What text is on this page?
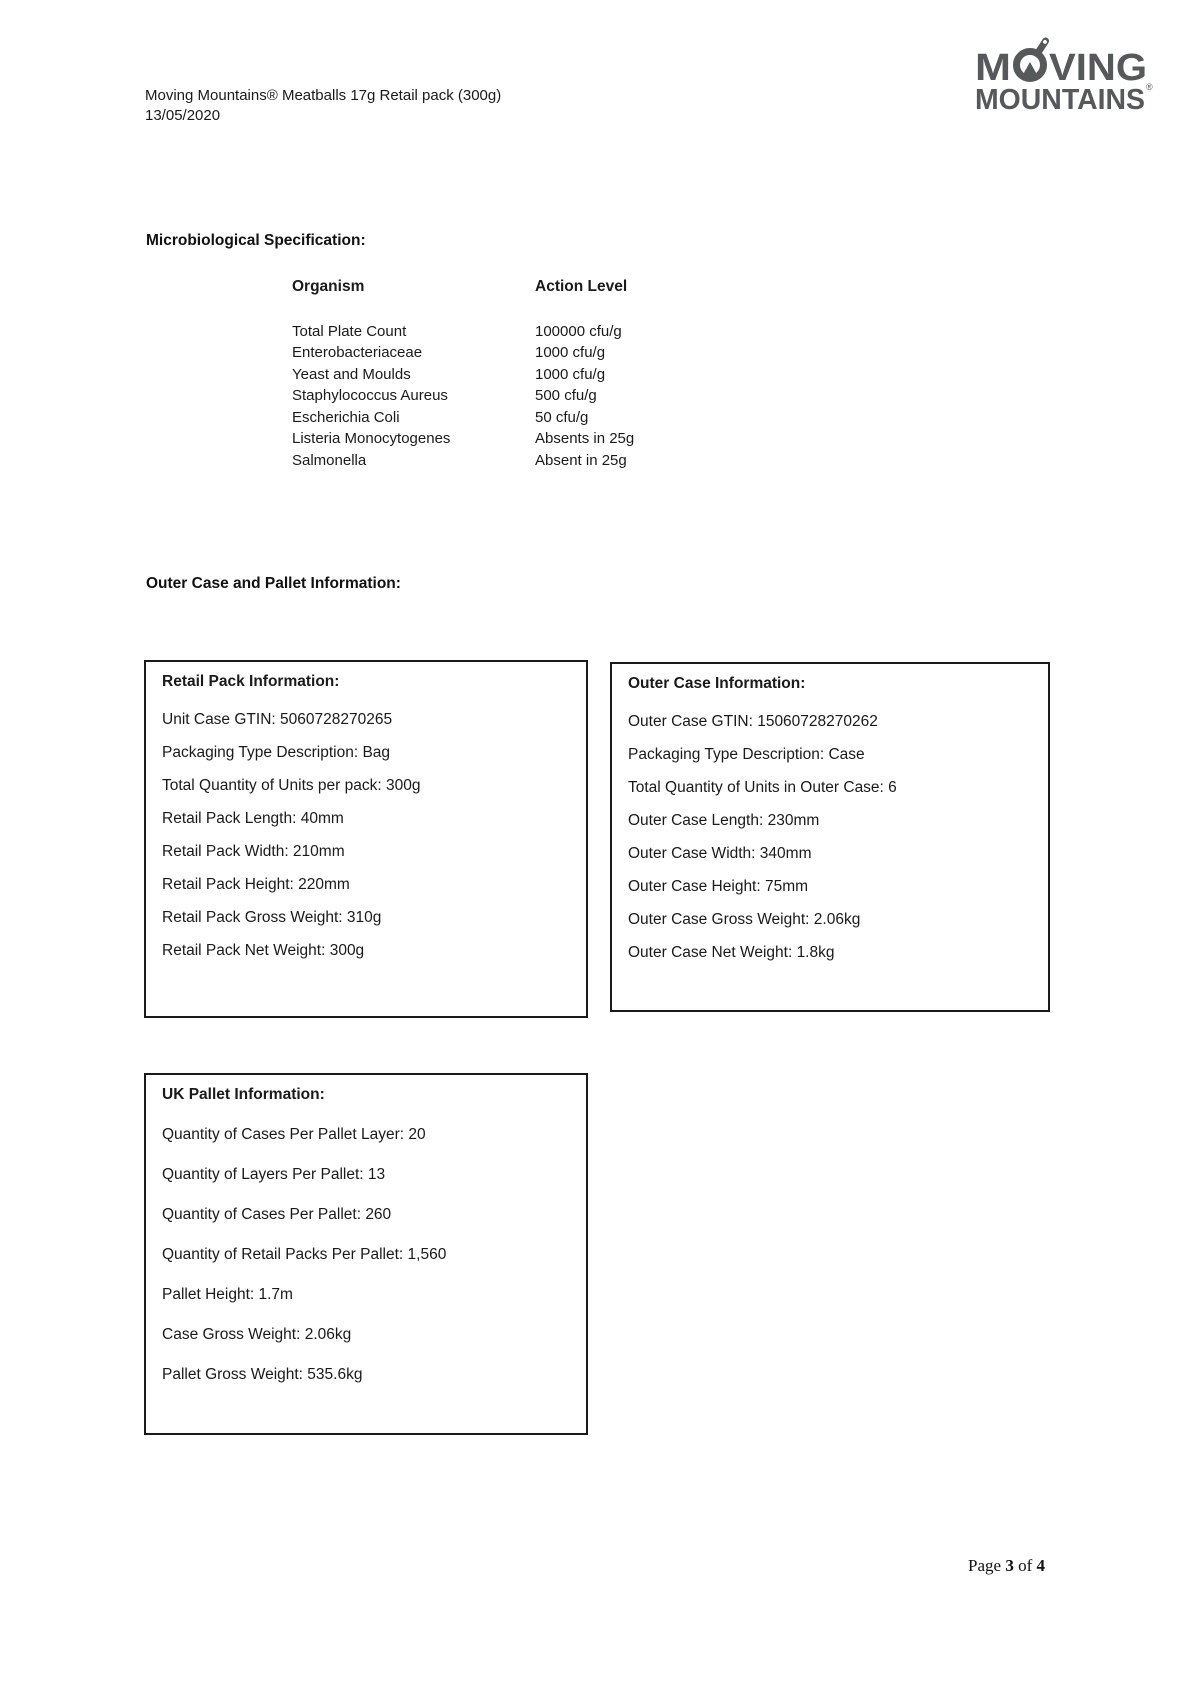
Moving Mountains® Meatballs 17g Retail pack (300g)
13/05/2020
M VING
MOUNTAINS ®
Microbiological Specification:
Organism	Action Level
Total Plate Count	100000 cfu/g
Enterobacteriaceae	1000 cfu/g
Yeast and Moulds	1000 cfu/g
Staphylococcus Aureus	500 cfu/g
Escherichia Coli	50 cfu/g
Listeria Monocytogenes	Absents in 25g
Salmonella	Absent in 25g
Outer Case and Pallet Information:
Retail Pack Information:
Unit Case GTIN: 5060728270265
Packaging Type Description: Bag
Total Quantity of Units per pack: 300g
Retail Pack Length: 40mm
Retail Pack Width: 210mm
Retail Pack Height: 220mm
Retail Pack Gross Weight: 310g
Retail Pack Net Weight: 300g
Outer Case Information:
Outer Case GTIN: 15060728270262
Packaging Type Description: Case
Total Quantity of Units in Outer Case: 6
Outer Case Length: 230mm
Outer Case Width: 340mm
Outer Case Height: 75mm
Outer Case Gross Weight: 2.06kg
Outer Case Net Weight: 1.8kg
UK Pallet Information:
Quantity of Cases Per Pallet Layer: 20
Quantity of Layers Per Pallet: 13
Quantity of Cases Per Pallet: 260
Quantity of Retail Packs Per Pallet: 1,560
Pallet Height: 1.7m
Case Gross Weight: 2.06kg
Pallet Gross Weight: 535.6kg
Page 3 of 4
